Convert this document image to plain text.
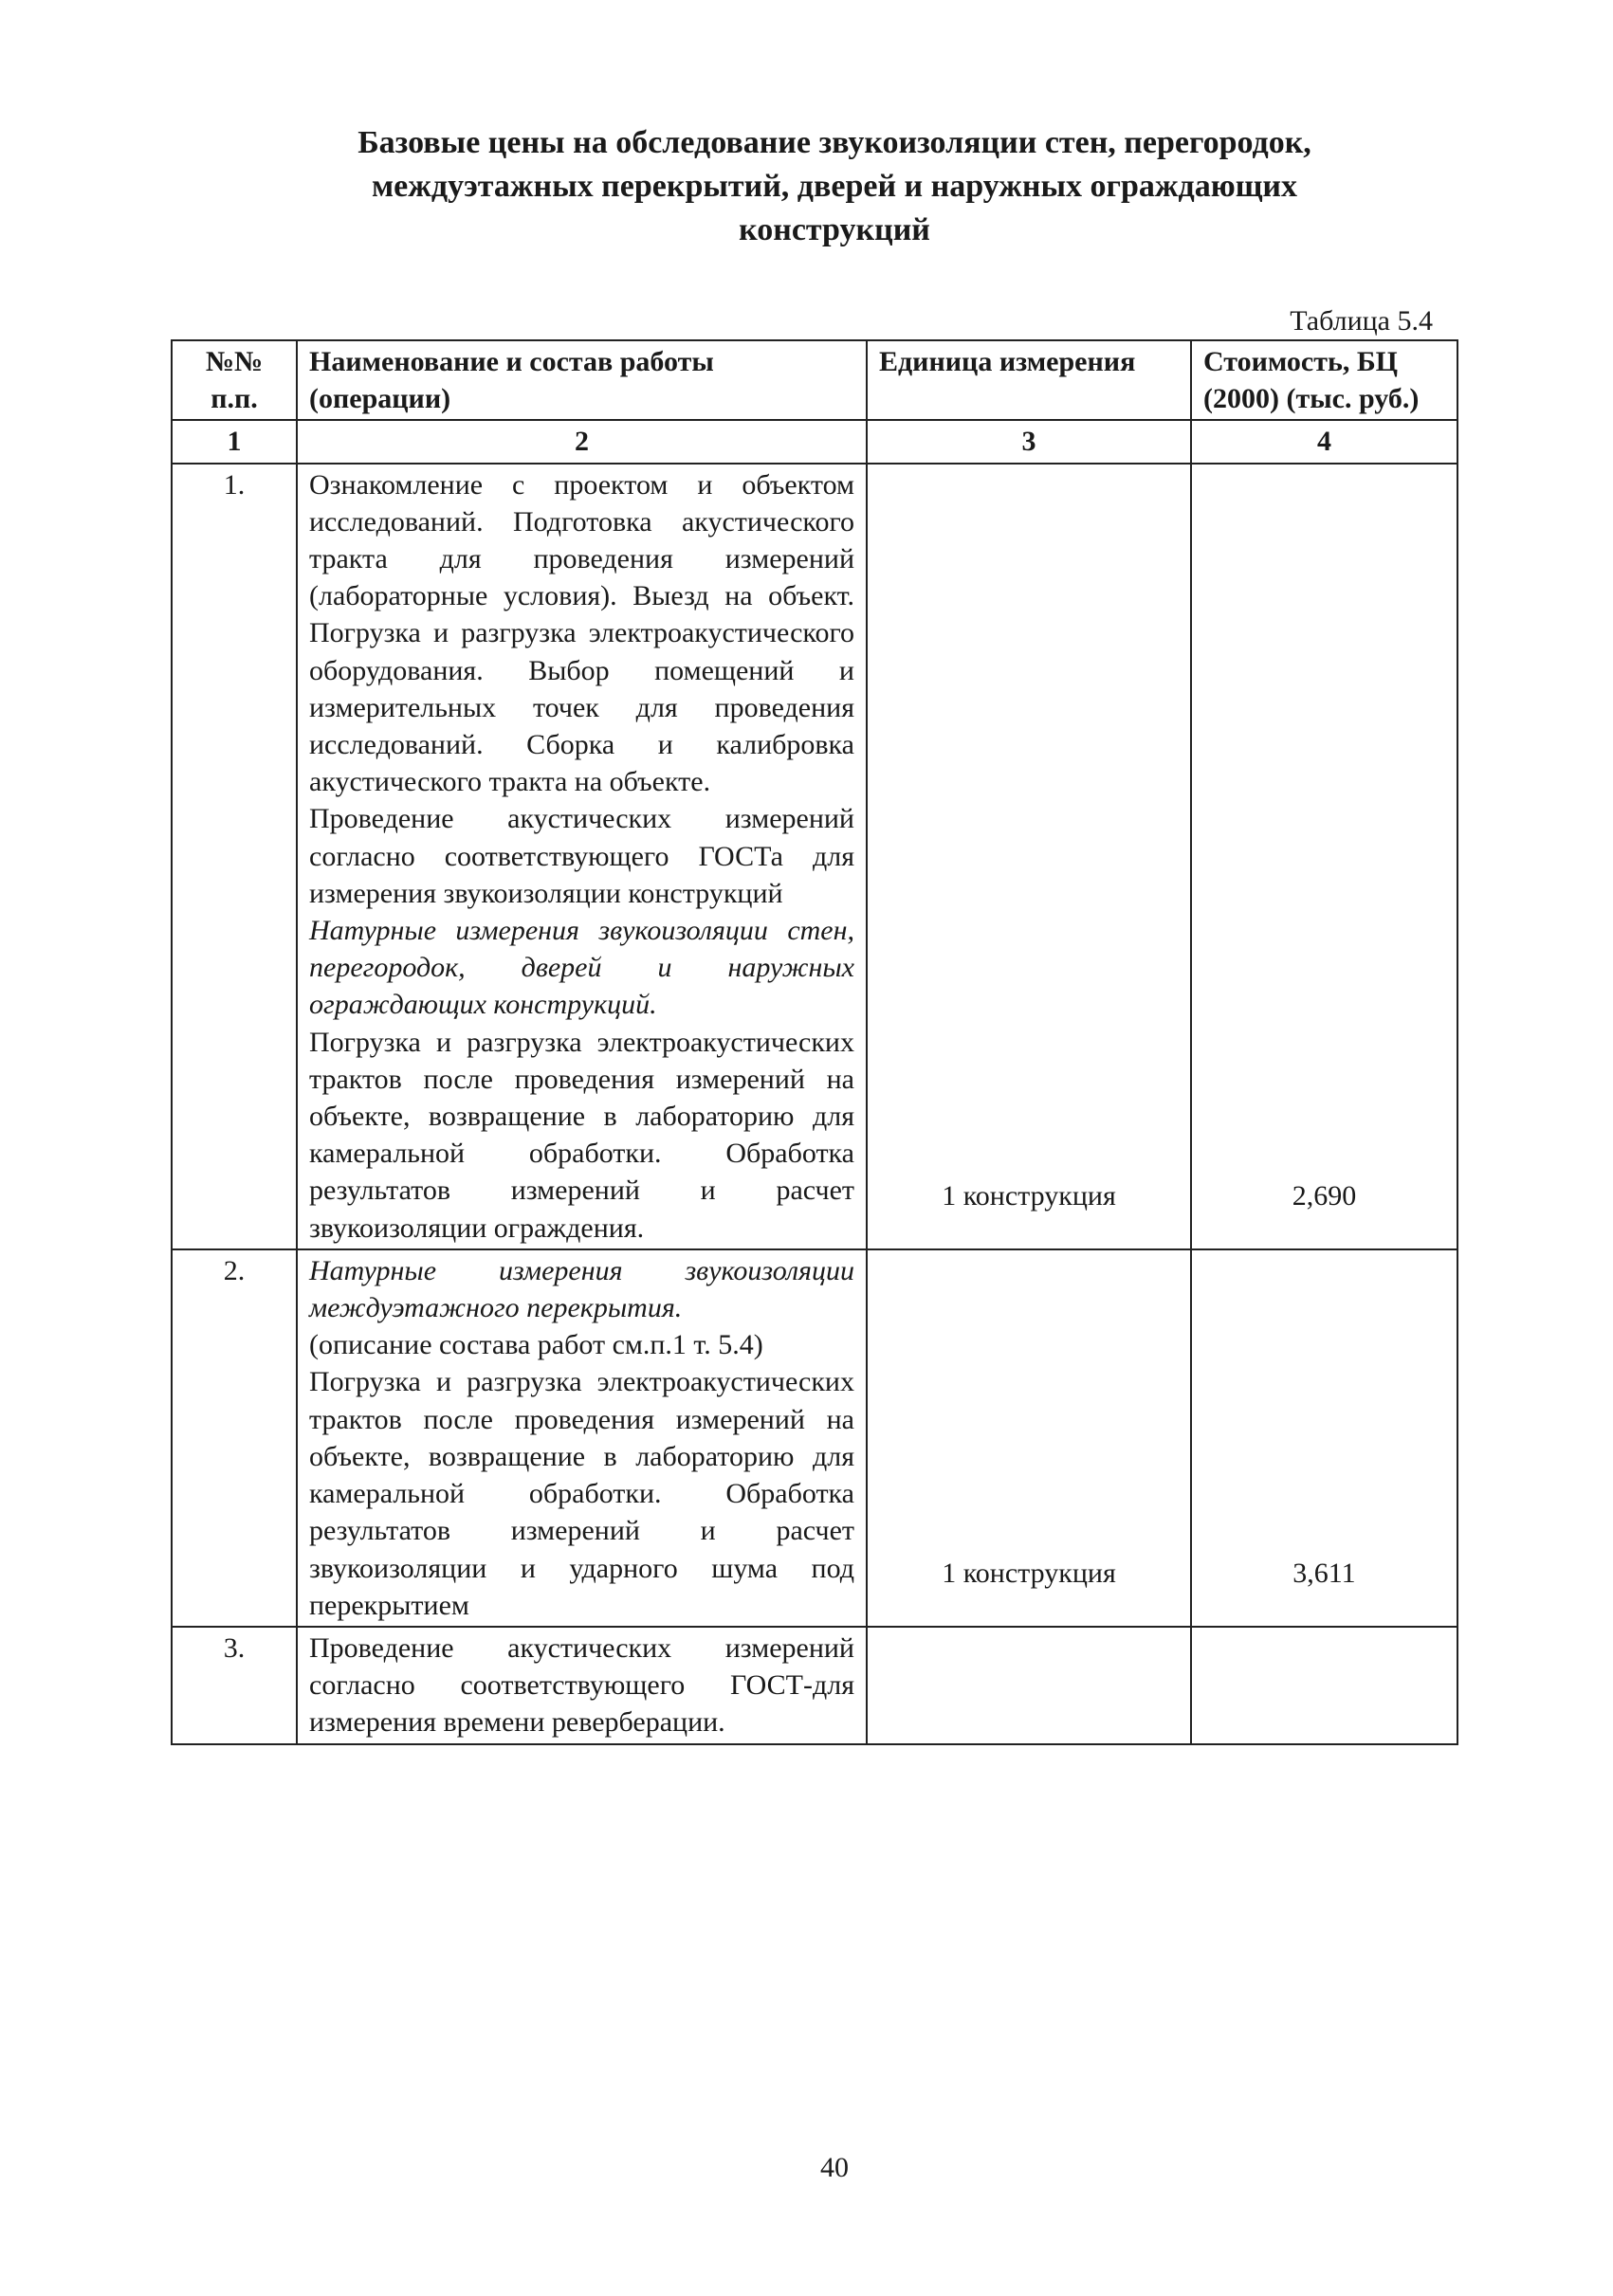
Базовые цены на обследование звукоизоляции стен, перегородок,
междуэтажных перекрытий, дверей и наружных ограждающих
конструкций
Таблица 5.4
№№ п.п.	Наименование и состав работы (операции)	Единица измерения	Стоимость, БЦ (2000) (тыс. руб.)
1	2	3	4
1.	Ознакомление с проектом и объектом исследований. Подготовка акустического тракта для проведения измерений (лабораторные условия). Выезд на объект. Погрузка и разгрузка электроакустического оборудования. Выбор помещений и измерительных точек для проведения исследований. Сборка и калибровка акустического тракта на объекте.

Проведение акустических измерений согласно соответствующего ГОСТа для измерения звукоизоляции конструкций

Натурные измерения звукоизоляции стен, перегородок, дверей и наружных ограждающих конструкций.

Погрузка и разгрузка электроакустических трактов после проведения измерений на объекте, возвращение в лабораторию для камеральной обработки. Обработка результатов измерений и расчет звукоизоляции ограждения.	1 конструкция	2,690
2.	Натурные измерения звукоизоляции междуэтажного перекрытия.

(описание состава работ см.п.1 т. 5.4)

Погрузка и разгрузка электроакустических трактов после проведения измерений на объекте, возвращение в лабораторию для камеральной обработки. Обработка результатов измерений и расчет звукоизоляции и ударного шума под перекрытием	1 конструкция	3,611
3.	Проведение акустических измерений согласно соответствующего ГОСТ-для измерения времени реверберации.		

40
